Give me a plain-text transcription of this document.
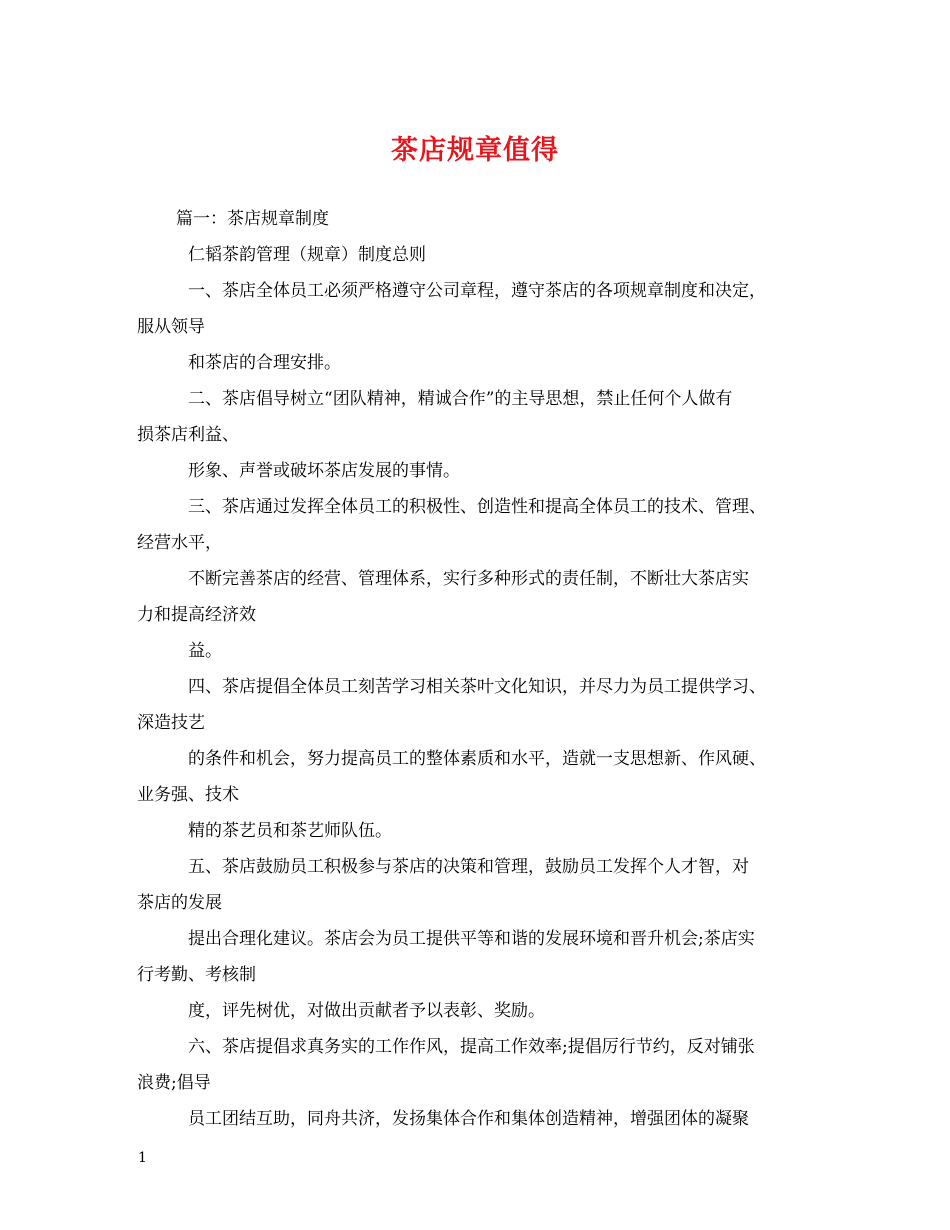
茶店规章值得
篇一：茶店规章制度
仁韬茶韵管理（规章）制度总则
一、茶店全体员工必须严格遵守公司章程，遵守茶店的各项规章制度和决定，
服从领导
和茶店的合理安排。
二、茶店倡导树立“团队精神，精诚合作”的主导思想，禁止任何个人做有
损茶店利益、
形象、声誉或破坏茶店发展的事情。
三、茶店通过发挥全体员工的积极性、创造性和提高全体员工的技术、管理、
经营水平，
不断完善茶店的经营、管理体系，实行多种形式的责任制，不断壮大茶店实
力和提高经济效
益。
四、茶店提倡全体员工刻苦学习相关茶叶文化知识，并尽力为员工提供学习、
深造技艺
的条件和机会，努力提高员工的整体素质和水平，造就一支思想新、作风硬、
业务强、技术
精的茶艺员和茶艺师队伍。
五、茶店鼓励员工积极参与茶店的决策和管理，鼓励员工发挥个人才智，对
茶店的发展
提出合理化建议。茶店会为员工提供平等和谐的发展环境和晋升机会;茶店实
行考勤、考核制
度，评先树优，对做出贡献者予以表彰、奖励。
六、茶店提倡求真务实的工作作风，提高工作效率;提倡厉行节约，反对铺张
浪费;倡导
员工团结互助，同舟共济，发扬集体合作和集体创造精神，增强团体的凝聚
1
